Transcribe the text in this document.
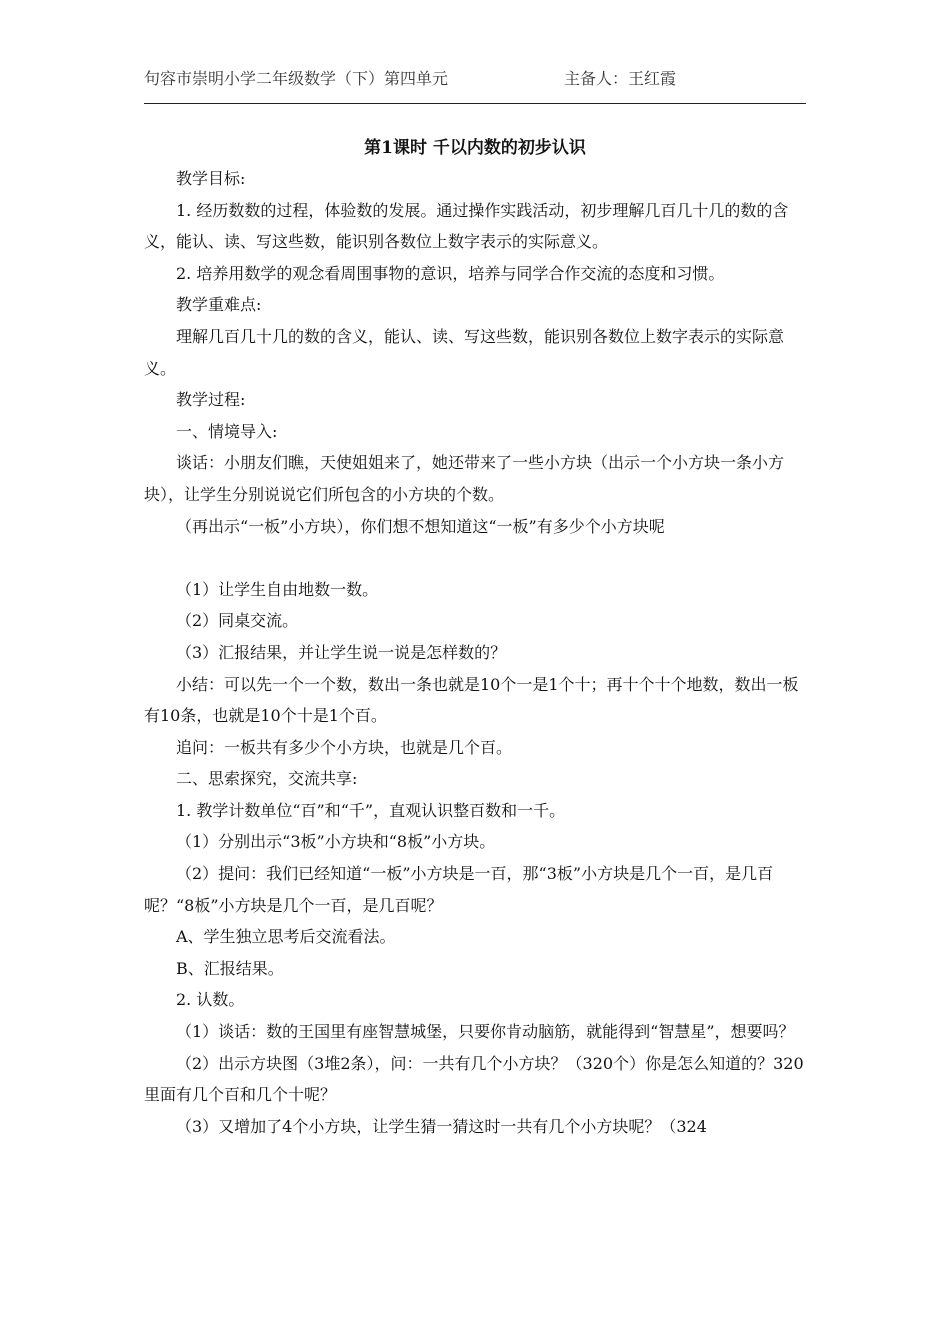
句容市崇明小学二年级数学（下）第四单元	主备人：王红霞
第1课时 千以内数的初步认识

教学目标:

1. 经历数数的过程，体验数的发展。通过操作实践活动，初步理解几百几十几的数的含义，能认、读、写这些数，能识别各数位上数字表示的实际意义。

2. 培养用数学的观念看周围事物的意识，培养与同学合作交流的态度和习惯。

教学重难点:

理解几百几十几的数的含义，能认、读、写这些数，能识别各数位上数字表示的实际意义。

教学过程:

一、情境导入:

谈话：小朋友们瞧，天使姐姐来了，她还带来了一些小方块（出示一个小方块一条小方块），让学生分别说说它们所包含的小方块的个数。

（再出示“一板”小方块），你们想不想知道这“一板”有多少个小方块呢

（1）让学生自由地数一数。

（2）同桌交流。

（3）汇报结果，并让学生说一说是怎样数的？

小结：可以先一个一个数，数出一条也就是10个一是1个十；再十个十个地数，数出一板有10条，也就是10个十是1个百。

追问：一板共有多少个小方块，也就是几个百。

二、思索探究，交流共享:

1. 教学计数单位“百”和“千”，直观认识整百数和一千。

（1）分别出示“3板”小方块和“8板”小方块。

（2）提问：我们已经知道“一板”小方块是一百，那“3板”小方块是几个一百，是几百呢？“8板”小方块是几个一百，是几百呢？

A、学生独立思考后交流看法。

B、汇报结果。

2. 认数。

（1）谈话：数的王国里有座智慧城堡，只要你肯动脑筋，就能得到“智慧星”，想要吗？

（2）出示方块图（3堆2条），问：一共有几个小方块？（320个）你是怎么知道的？320里面有几个百和几个十呢？

（3）又增加了4个小方块，让学生猜一猜这时一共有几个小方块呢？（324
